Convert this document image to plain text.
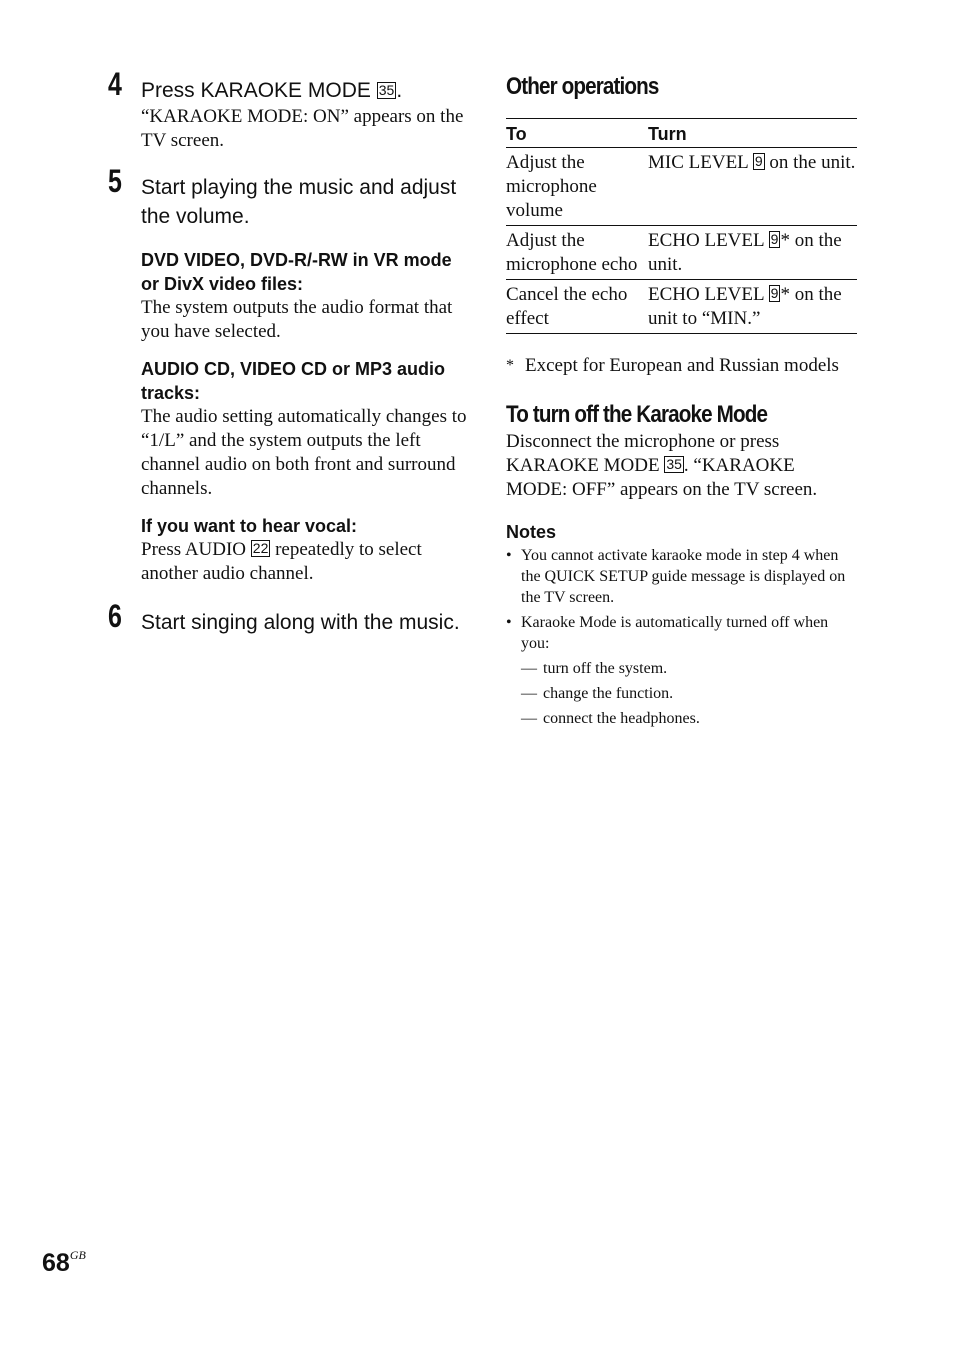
4 Press KARAOKE MODE 35.
“KARAOKE MODE: ON” appears on the TV screen.
5 Start playing the music and adjust the volume.
DVD VIDEO, DVD-R/-RW in VR mode or DivX video files:
The system outputs the audio format that you have selected.
AUDIO CD, VIDEO CD or MP3 audio tracks:
The audio setting automatically changes to “1/L” and the system outputs the left channel audio on both front and surround channels.
If you want to hear vocal:
Press AUDIO 22 repeatedly to select another audio channel.
6 Start singing along with the music.
Other operations
To	Turn
Adjust the microphone volume	MIC LEVEL 9 on the unit.
Adjust the microphone echo	ECHO LEVEL 9 * on the unit.
Cancel the echo effect	ECHO LEVEL 9 * on the unit to “MIN.”
* Except for European and Russian models
To turn off the Karaoke Mode
Disconnect the microphone or press KARAOKE MODE 35 . “KARAOKE MODE: OFF” appears on the TV screen.
Notes
• You cannot activate karaoke mode in step 4 when the QUICK SETUP guide message is displayed on the TV screen.
• Karaoke Mode is automatically turned off when you:
— turn off the system.
— change the function.
— connect the headphones.
$68^{GB}$
